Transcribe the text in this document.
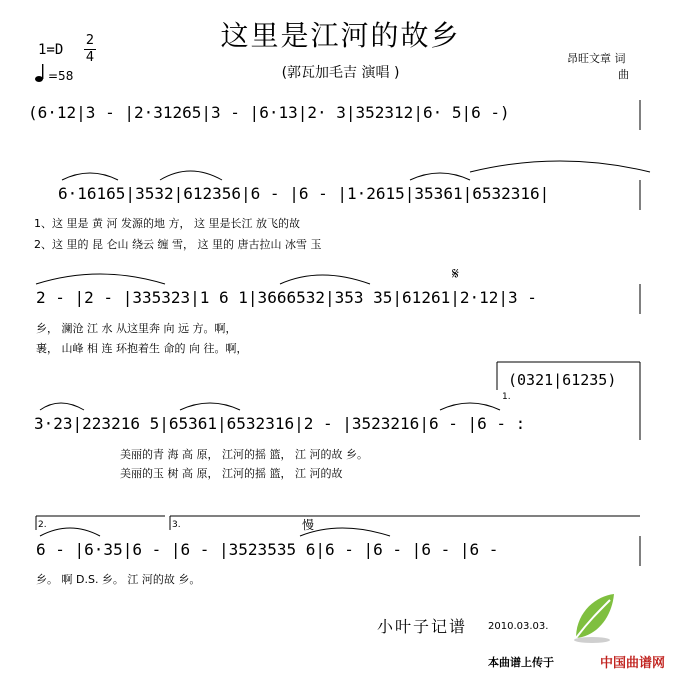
这里是江河的故乡
(郭瓦加毛吉 演唱 )
1=D
2
4
=58
昂旺文章 词
曲
(6·12|3 - |2·31265|3 - |6·13|2· 3|352312|6· 5|6 -)
6·16165|3532|612356|6 - |6 - |1·2615|35361|6532316|
1、这 里是 黄 河 发源的地 方， 这 里是长江 放飞的故
2、这 里的 昆 仑山 绕云 缠 雪， 这 里的 唐古拉山 冰雪 玉
𝄋
2 - |2 - |335323|1 6 1|3666532|353 35|61261|2·12|3 -
乡， 澜沧 江 水 从这里奔 向 远 方。啊，
裹， 山峰 相 连 环抱着生 命的 向 往。啊，
(0321|61235)
1.
3·23|223216 5|65361|6532316|2 - |3523216|6 - |6 - :
美丽的青 海 高 原， 江河的摇 篮， 江 河的故 乡。
美丽的玉 树 高 原， 江河的摇 篮， 江 河的故
2.	3.	慢
6 - |6·35|6 - |6 - |3523535 6|6 - |6 - |6 - |6 -
乡。 啊 D.S. 乡。 江 河的故 乡。
小叶子记谱 2010.03.03.
本曲谱上传于	中国曲谱网
